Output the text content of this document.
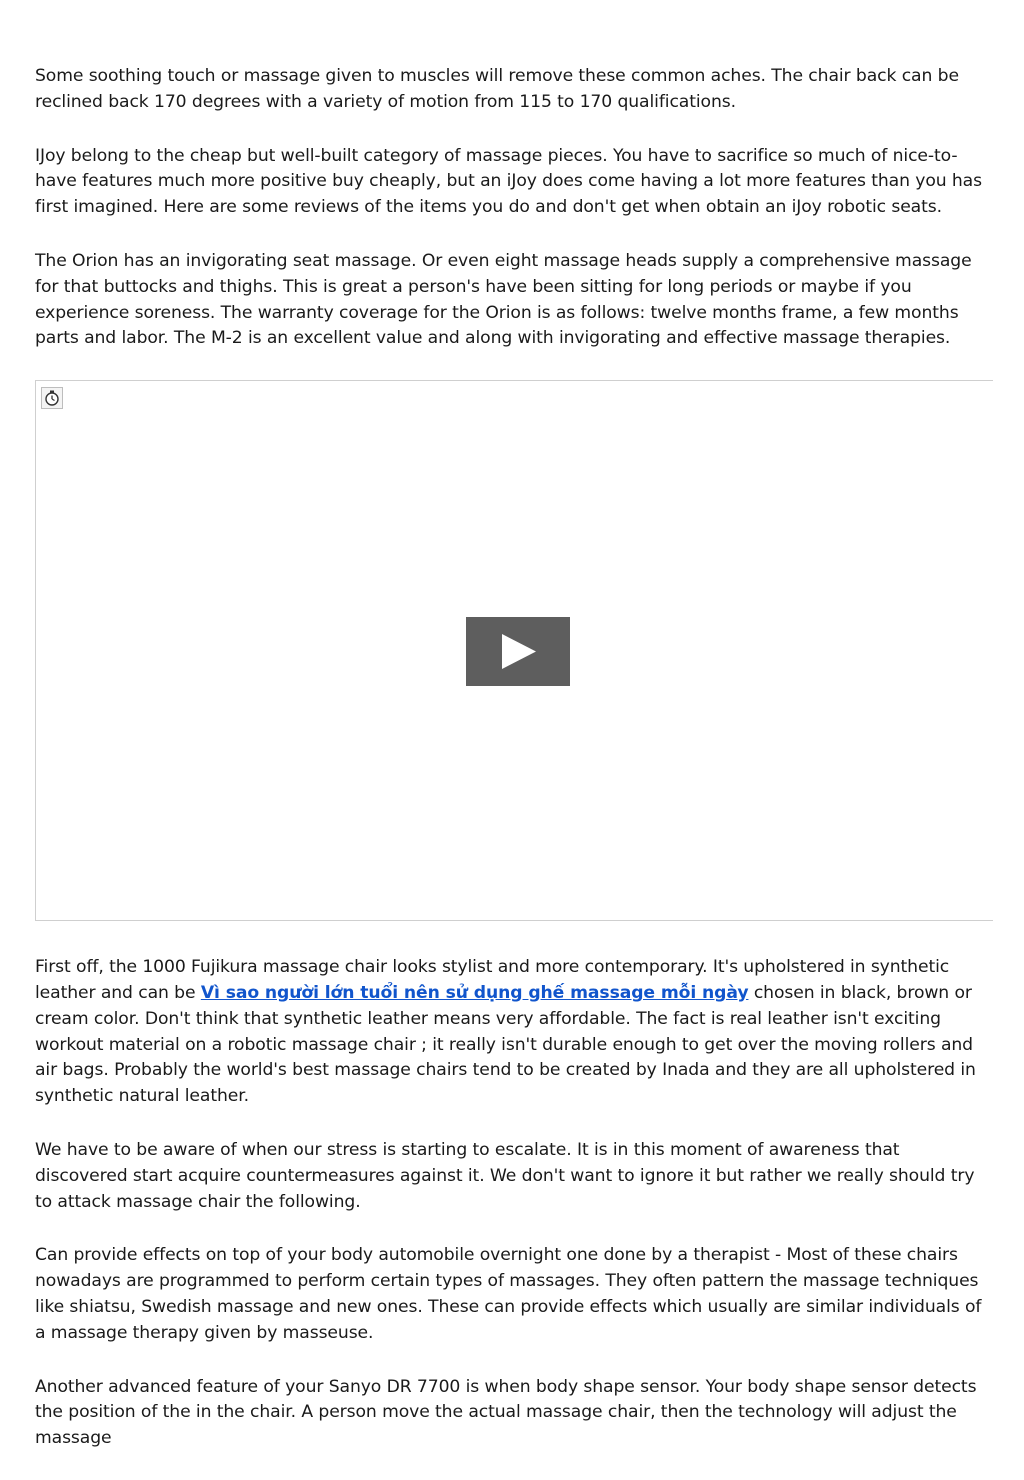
Some soothing touch or massage given to muscles will remove these common aches. The chair back can be reclined back 170 degrees with a variety of motion from 115 to 170 qualifications.

IJoy belong to the cheap but well-built category of massage pieces. You have to sacrifice so much of nice-to-have features much more positive buy cheaply, but an iJoy does come having a lot more features than you has first imagined. Here are some reviews of the items you do and don't get when obtain an iJoy robotic seats.

The Orion has an invigorating seat massage. Or even eight massage heads supply a comprehensive massage for that buttocks and thighs. This is great a person's have been sitting for long periods or maybe if you experience soreness. The warranty coverage for the Orion is as follows: twelve months frame, a few months parts and labor. The M-2 is an excellent value and along with invigorating and effective massage therapies.

First off, the 1000 Fujikura massage chair looks stylist and more contemporary. It's upholstered in synthetic leather and can be Vì sao người lớn tuổi nên sử dụng ghế massage mỗi ngày chosen in black, brown or cream color. Don't think that synthetic leather means very affordable. The fact is real leather isn't exciting workout material on a robotic massage chair ; it really isn't durable enough to get over the moving rollers and air bags. Probably the world's best massage chairs tend to be created by Inada and they are all upholstered in synthetic natural leather.

We have to be aware of when our stress is starting to escalate. It is in this moment of awareness that discovered start acquire countermeasures against it. We don't want to ignore it but rather we really should try to attack massage chair the following.

Can provide effects on top of your body automobile overnight one done by a therapist - Most of these chairs nowadays are programmed to perform certain types of massages. They often pattern the massage techniques like shiatsu, Swedish massage and new ones. These can provide effects which usually are similar individuals of a massage therapy given by masseuse.

Another advanced feature of your Sanyo DR 7700 is when body shape sensor. Your body shape sensor detects the position of the in the chair. A person move the actual massage chair, then the technology will adjust the massage
